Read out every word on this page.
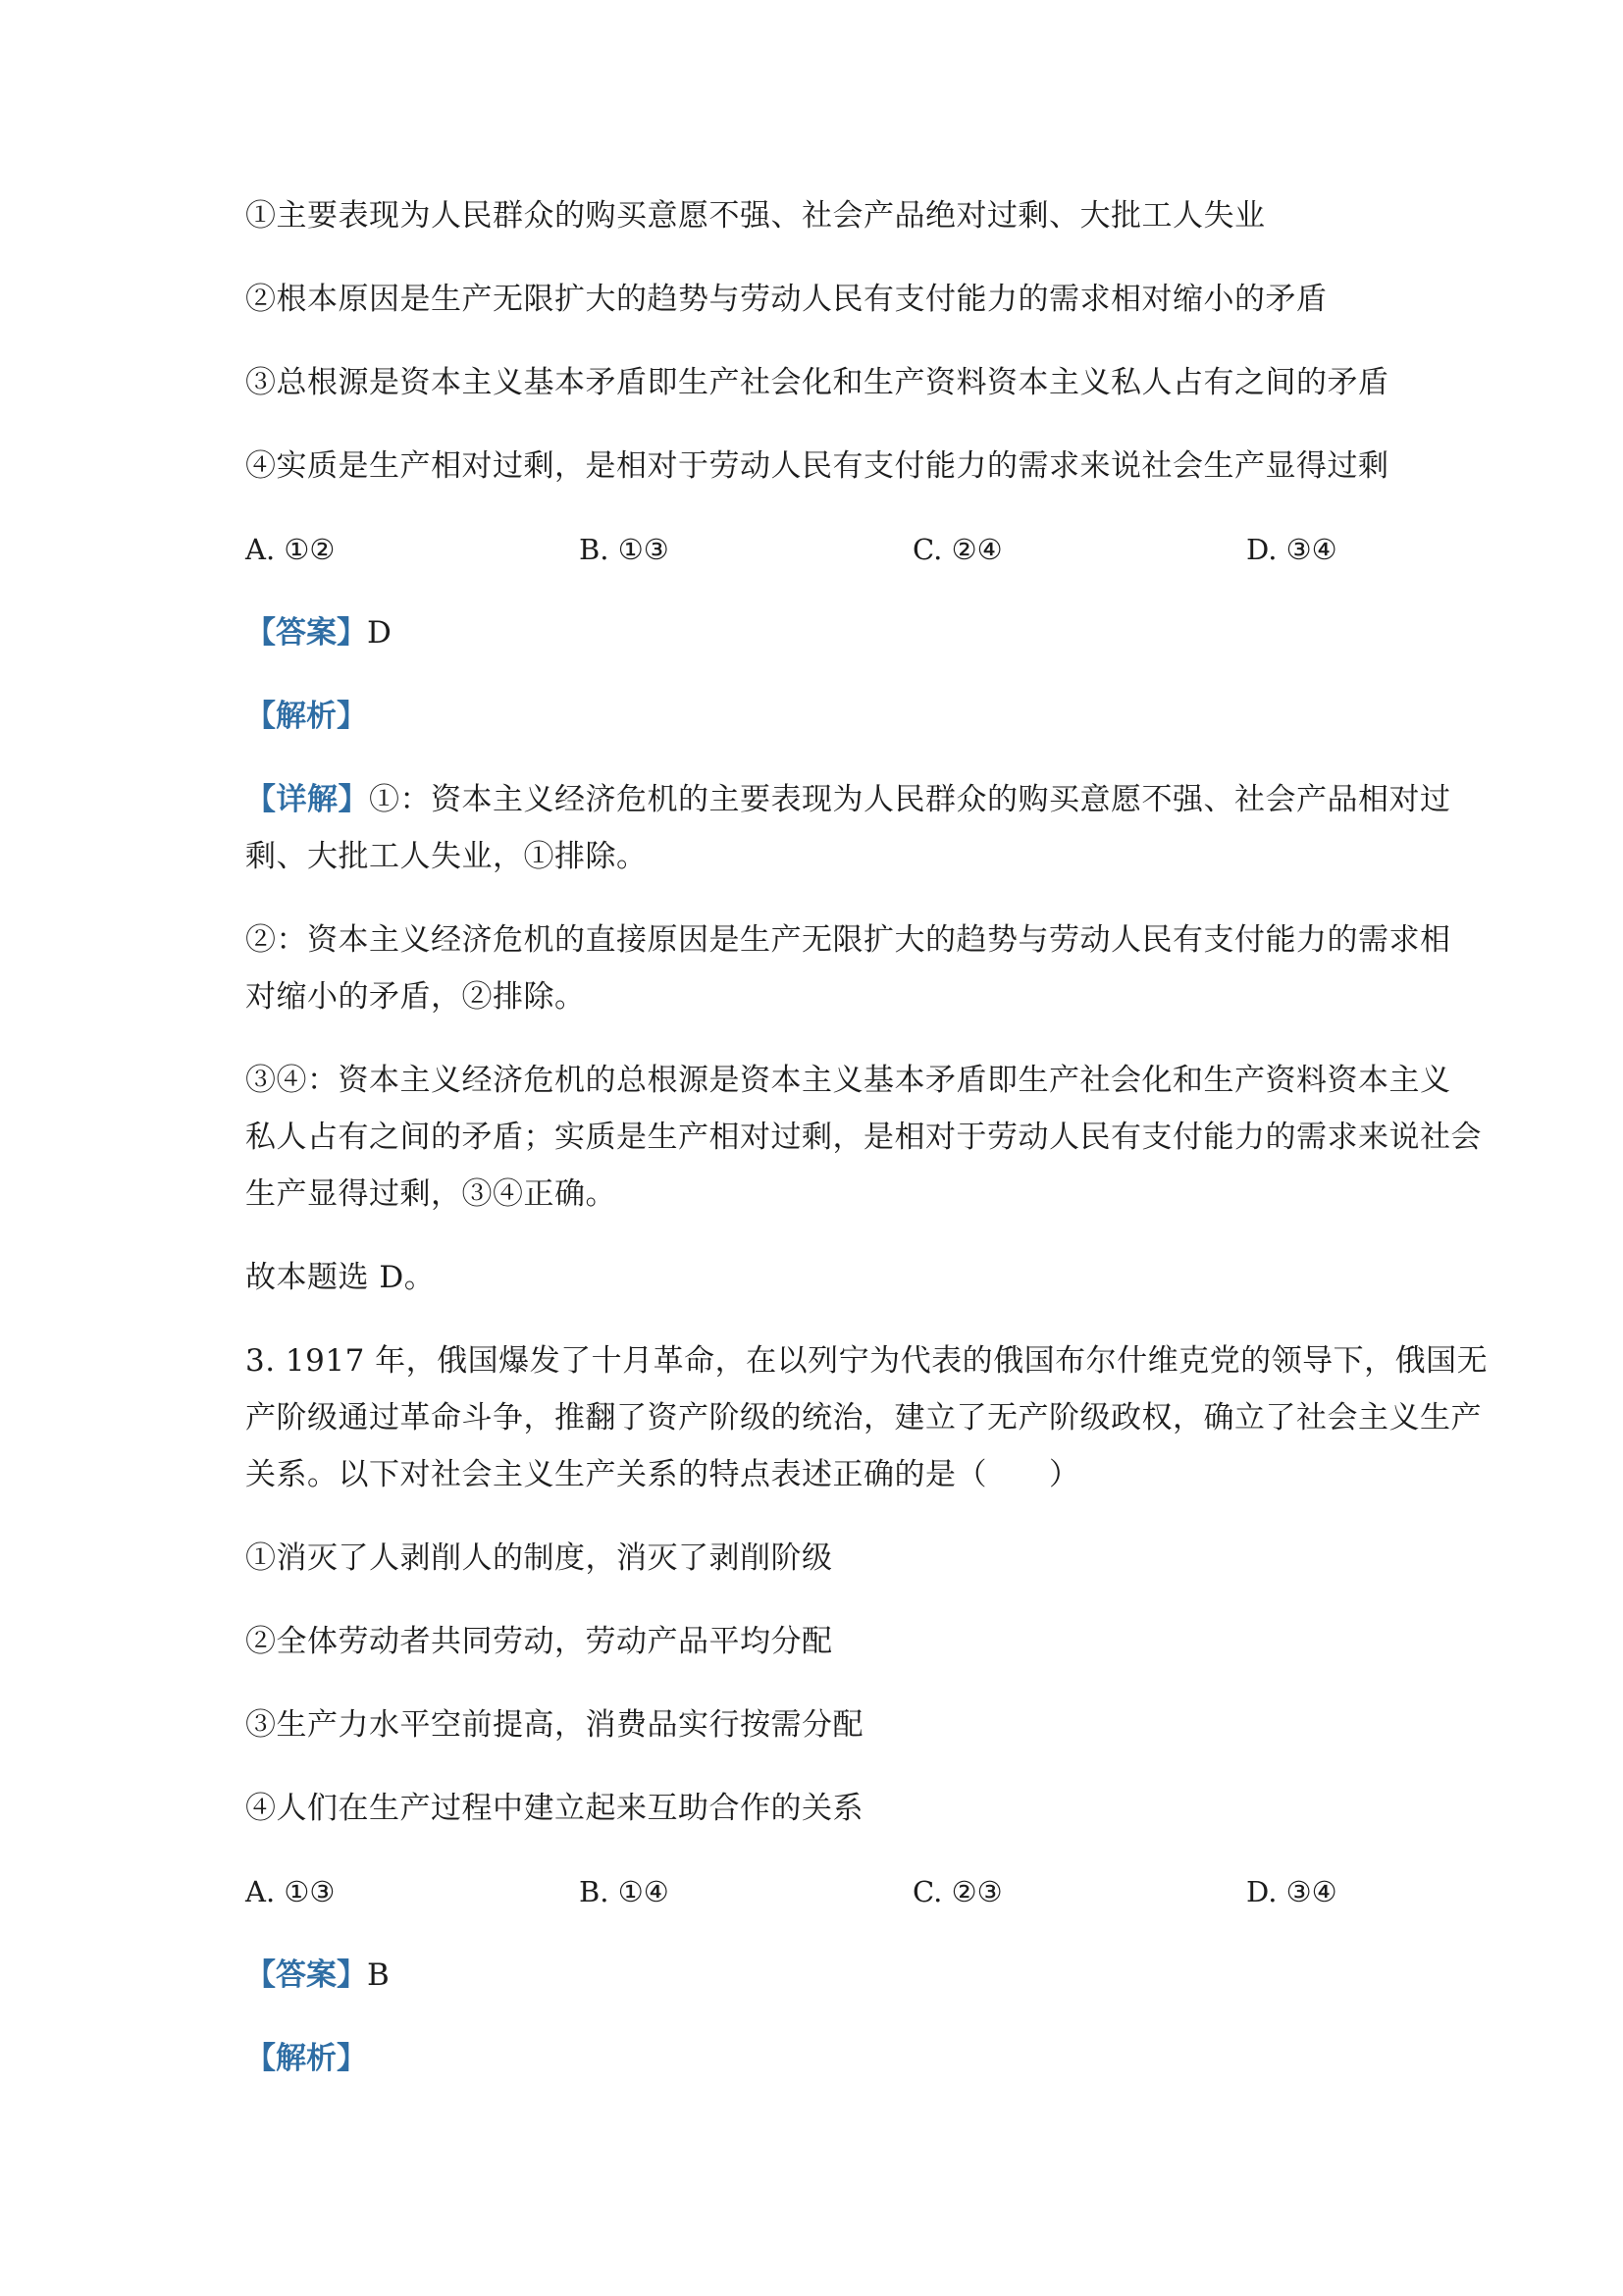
①主要表现为人民群众的购买意愿不强、社会产品绝对过剩、大批工人失业
②根本原因是生产无限扩大的趋势与劳动人民有支付能力的需求相对缩小的矛盾
③总根源是资本主义基本矛盾即生产社会化和生产资料资本主义私人占有之间的矛盾
④实质是生产相对过剩，是相对于劳动人民有支付能力的需求来说社会生产显得过剩
A. ①②	B. ①③	C. ②④	D. ③④
【答案】D
【解析】
【详解】①：资本主义经济危机的主要表现为人民群众的购买意愿不强、社会产品相对过
剩、大批工人失业，①排除。
②：资本主义经济危机的直接原因是生产无限扩大的趋势与劳动人民有支付能力的需求相
对缩小的矛盾，②排除。
③④：资本主义经济危机的总根源是资本主义基本矛盾即生产社会化和生产资料资本主义
私人占有之间的矛盾；实质是生产相对过剩，是相对于劳动人民有支付能力的需求来说社会
生产显得过剩，③④正确。
故本题选 D。
3. 1917 年，俄国爆发了十月革命，在以列宁为代表的俄国布尔什维克党的领导下，俄国无
产阶级通过革命斗争，推翻了资产阶级的统治，建立了无产阶级政权，确立了社会主义生产
关系。以下对社会主义生产关系的特点表述正确的是（　　）
①消灭了人剥削人的制度，消灭了剥削阶级
②全体劳动者共同劳动，劳动产品平均分配
③生产力水平空前提高，消费品实行按需分配
④人们在生产过程中建立起来互助合作的关系
A. ①③	B. ①④	C. ②③	D. ③④
【答案】B
【解析】
